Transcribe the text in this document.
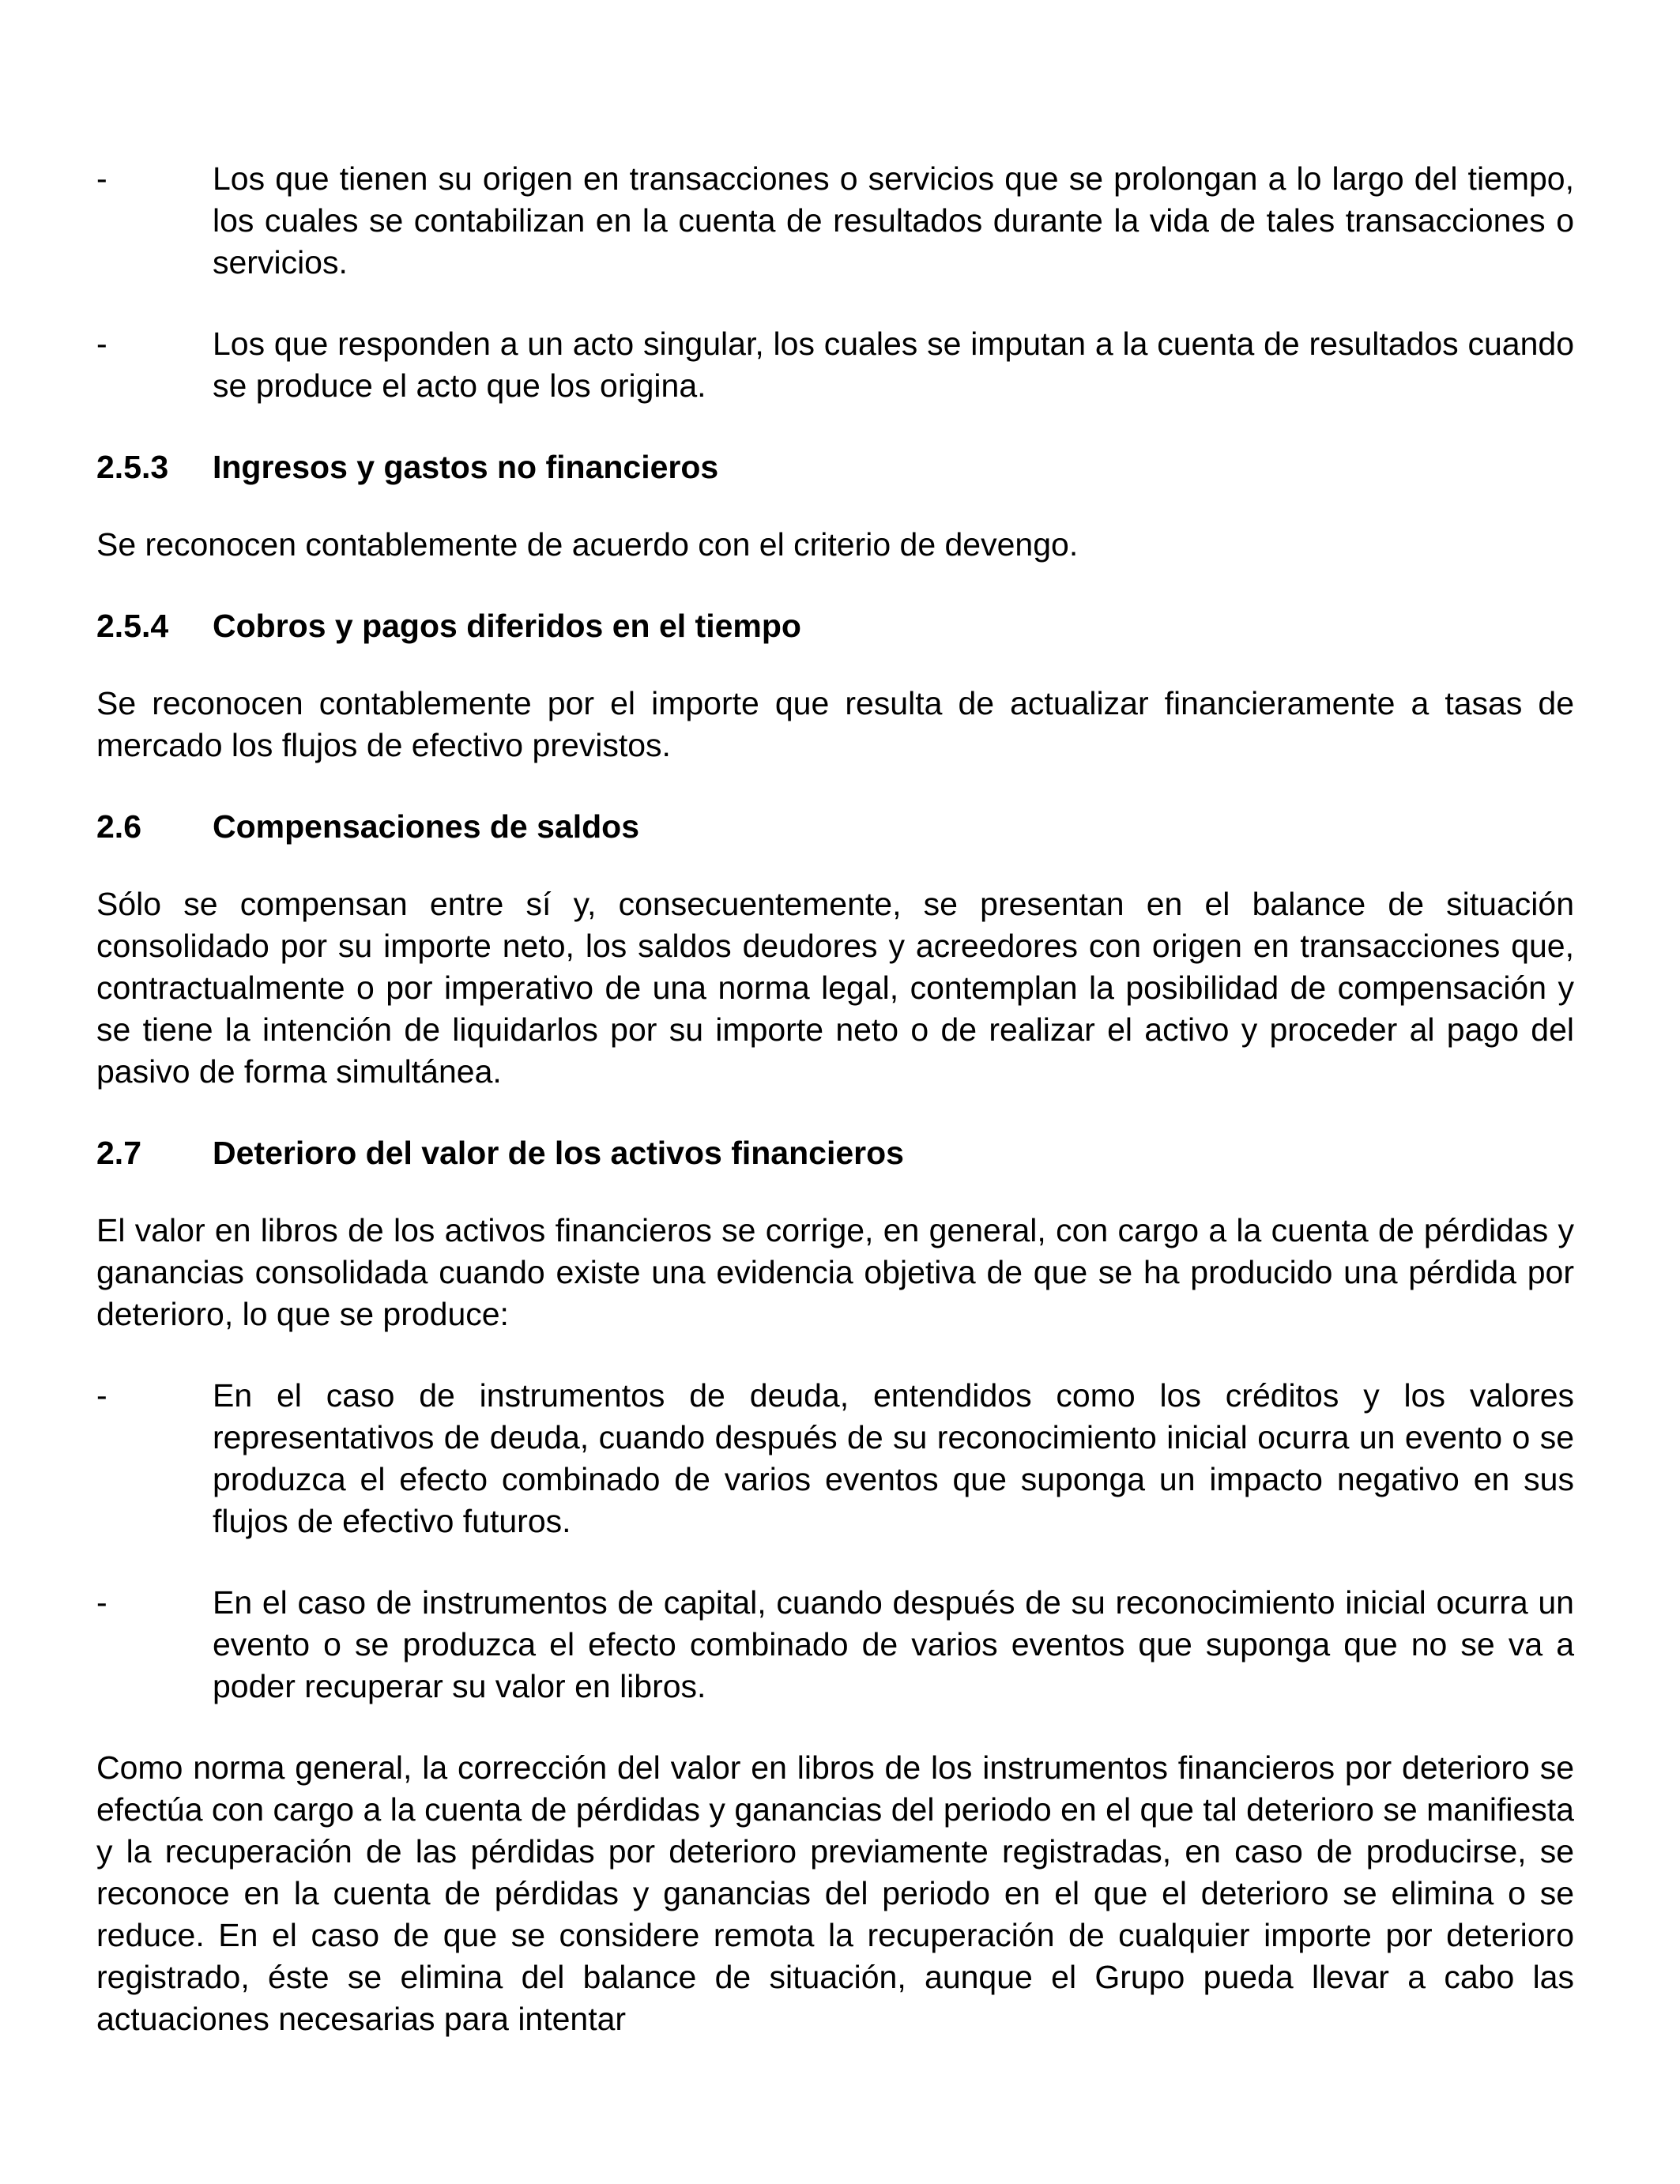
-	Los que tienen su origen en transacciones o servicios que se prolongan a lo largo del tiempo, los cuales se contabilizan en la cuenta de resultados durante la vida de tales transacciones o servicios.
-	Los que responden a un acto singular, los cuales se imputan a la cuenta de resultados cuando se produce el acto que los origina.
2.5.3 Ingresos y gastos no financieros
Se reconocen contablemente de acuerdo con el criterio de devengo.
2.5.4 Cobros y pagos diferidos en el tiempo
Se reconocen contablemente por el importe que resulta de actualizar financieramente a tasas de mercado los flujos de efectivo previstos.
2.6 Compensaciones de saldos
Sólo se compensan entre sí y, consecuentemente, se presentan en el balance de situación consolidado por su importe neto, los saldos deudores y acreedores con origen en transacciones que, contractualmente o por imperativo de una norma legal, contemplan la posibilidad de compensación y se tiene la intención de liquidarlos por su importe neto o de realizar el activo y proceder al pago del pasivo de forma simultánea.
2.7 Deterioro del valor de los activos financieros
El valor en libros de los activos financieros se corrige, en general, con cargo a la cuenta de pérdidas y ganancias consolidada cuando existe una evidencia objetiva de que se ha producido una pérdida por deterioro, lo que se produce:
-	En el caso de instrumentos de deuda, entendidos como los créditos y los valores representativos de deuda, cuando después de su reconocimiento inicial ocurra un evento o se produzca el efecto combinado de varios eventos que suponga un impacto negativo en sus flujos de efectivo futuros.
-	En el caso de instrumentos de capital, cuando después de su reconocimiento inicial ocurra un evento o se produzca el efecto combinado de varios eventos que suponga que no se va a poder recuperar su valor en libros.
Como norma general, la corrección del valor en libros de los instrumentos financieros por deterioro se efectúa con cargo a la cuenta de pérdidas y ganancias del periodo en el que tal deterioro se manifiesta y la recuperación de las pérdidas por deterioro previamente registradas, en caso de producirse, se reconoce en la cuenta de pérdidas y ganancias del periodo en el que el deterioro se elimina o se reduce. En el caso de que se considere remota la recuperación de cualquier importe por deterioro registrado, éste se elimina del balance de situación, aunque el Grupo pueda llevar a cabo las actuaciones necesarias para intentar
